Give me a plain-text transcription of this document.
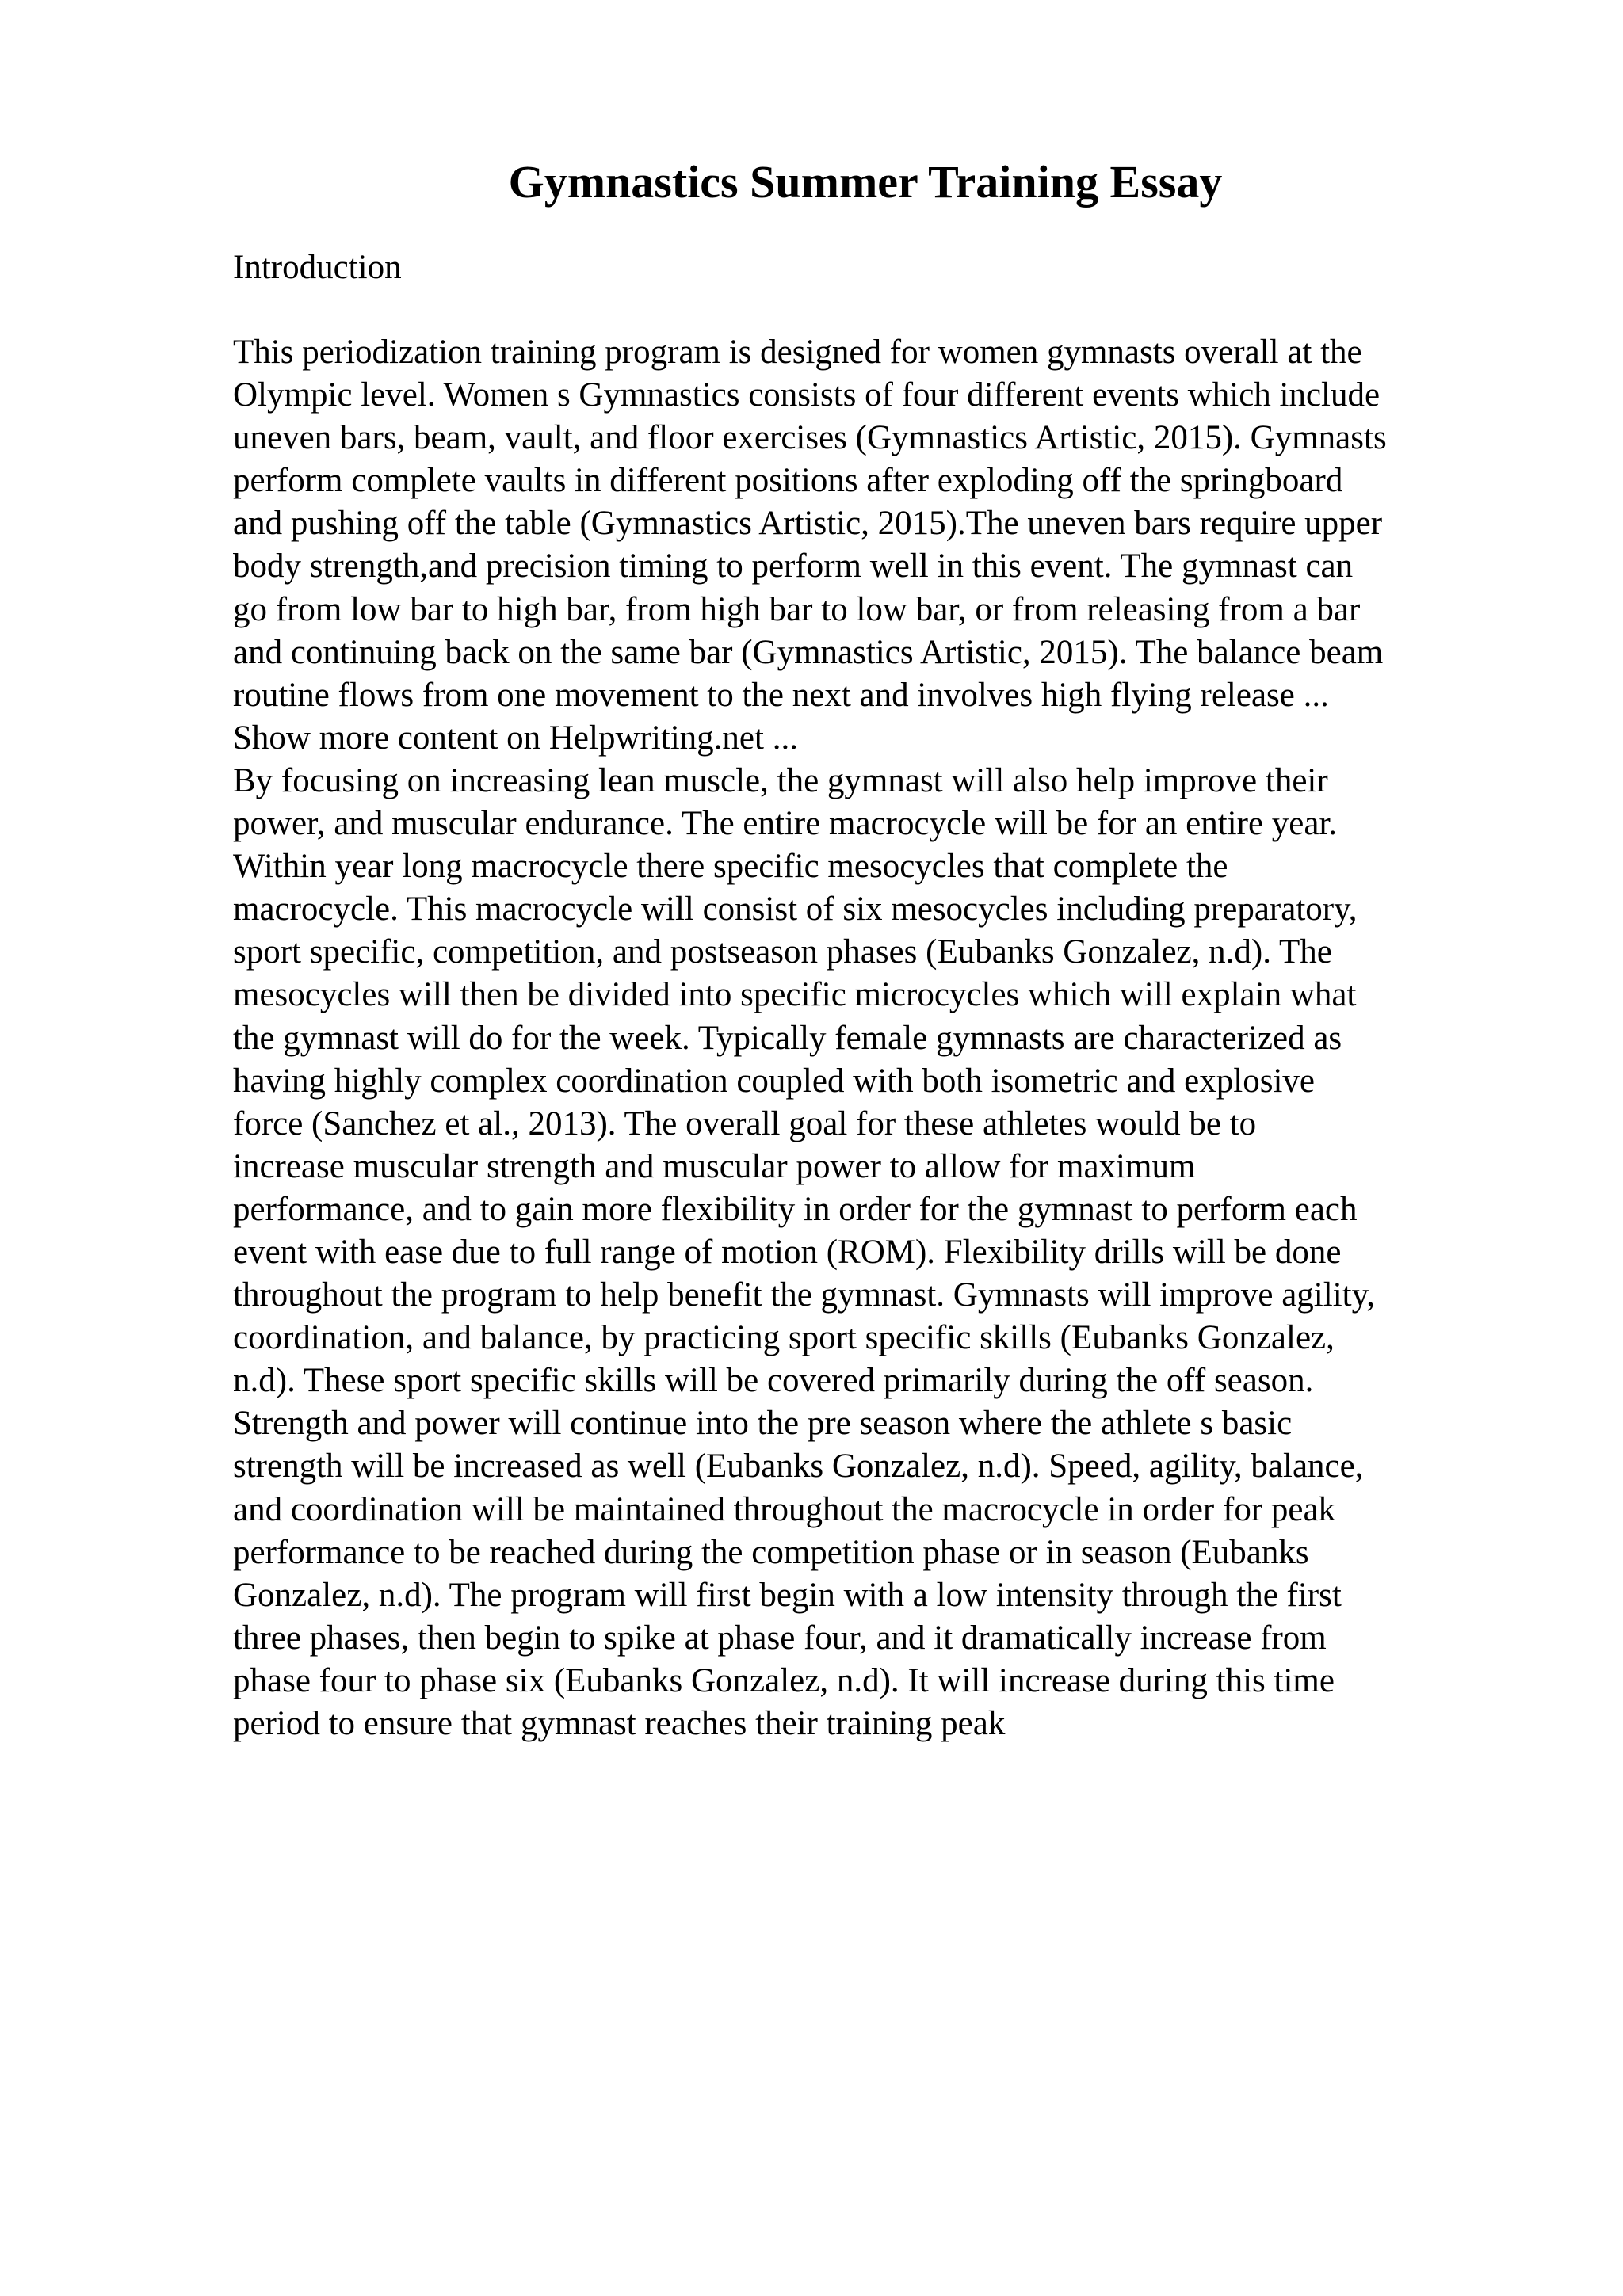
Gymnastics Summer Training Essay
Introduction
This periodization training program is designed for women gymnasts overall at the
Olympic level. Women s Gymnastics consists of four different events which include
uneven bars, beam, vault, and floor exercises (Gymnastics Artistic, 2015). Gymnasts
perform complete vaults in different positions after exploding off the springboard
and pushing off the table (Gymnastics Artistic, 2015).The uneven bars require upper
body strength,and precision timing to perform well in this event. The gymnast can
go from low bar to high bar, from high bar to low bar, or from releasing from a bar
and continuing back on the same bar (Gymnastics Artistic, 2015). The balance beam
routine flows from one movement to the next and involves high flying release ...
Show more content on Helpwriting.net ...
By focusing on increasing lean muscle, the gymnast will also help improve their
power, and muscular endurance. The entire macrocycle will be for an entire year.
Within year long macrocycle there specific mesocycles that complete the
macrocycle. This macrocycle will consist of six mesocycles including preparatory,
sport specific, competition, and postseason phases (Eubanks Gonzalez, n.d). The
mesocycles will then be divided into specific microcycles which will explain what
the gymnast will do for the week. Typically female gymnasts are characterized as
having highly complex coordination coupled with both isometric and explosive
force (Sanchez et al., 2013). The overall goal for these athletes would be to
increase muscular strength and muscular power to allow for maximum
performance, and to gain more flexibility in order for the gymnast to perform each
event with ease due to full range of motion (ROM). Flexibility drills will be done
throughout the program to help benefit the gymnast. Gymnasts will improve agility,
coordination, and balance, by practicing sport specific skills (Eubanks Gonzalez,
n.d). These sport specific skills will be covered primarily during the off season.
Strength and power will continue into the pre season where the athlete s basic
strength will be increased as well (Eubanks Gonzalez, n.d). Speed, agility, balance,
and coordination will be maintained throughout the macrocycle in order for peak
performance to be reached during the competition phase or in season (Eubanks
Gonzalez, n.d). The program will first begin with a low intensity through the first
three phases, then begin to spike at phase four, and it dramatically increase from
phase four to phase six (Eubanks Gonzalez, n.d). It will increase during this time
period to ensure that gymnast reaches their training peak
